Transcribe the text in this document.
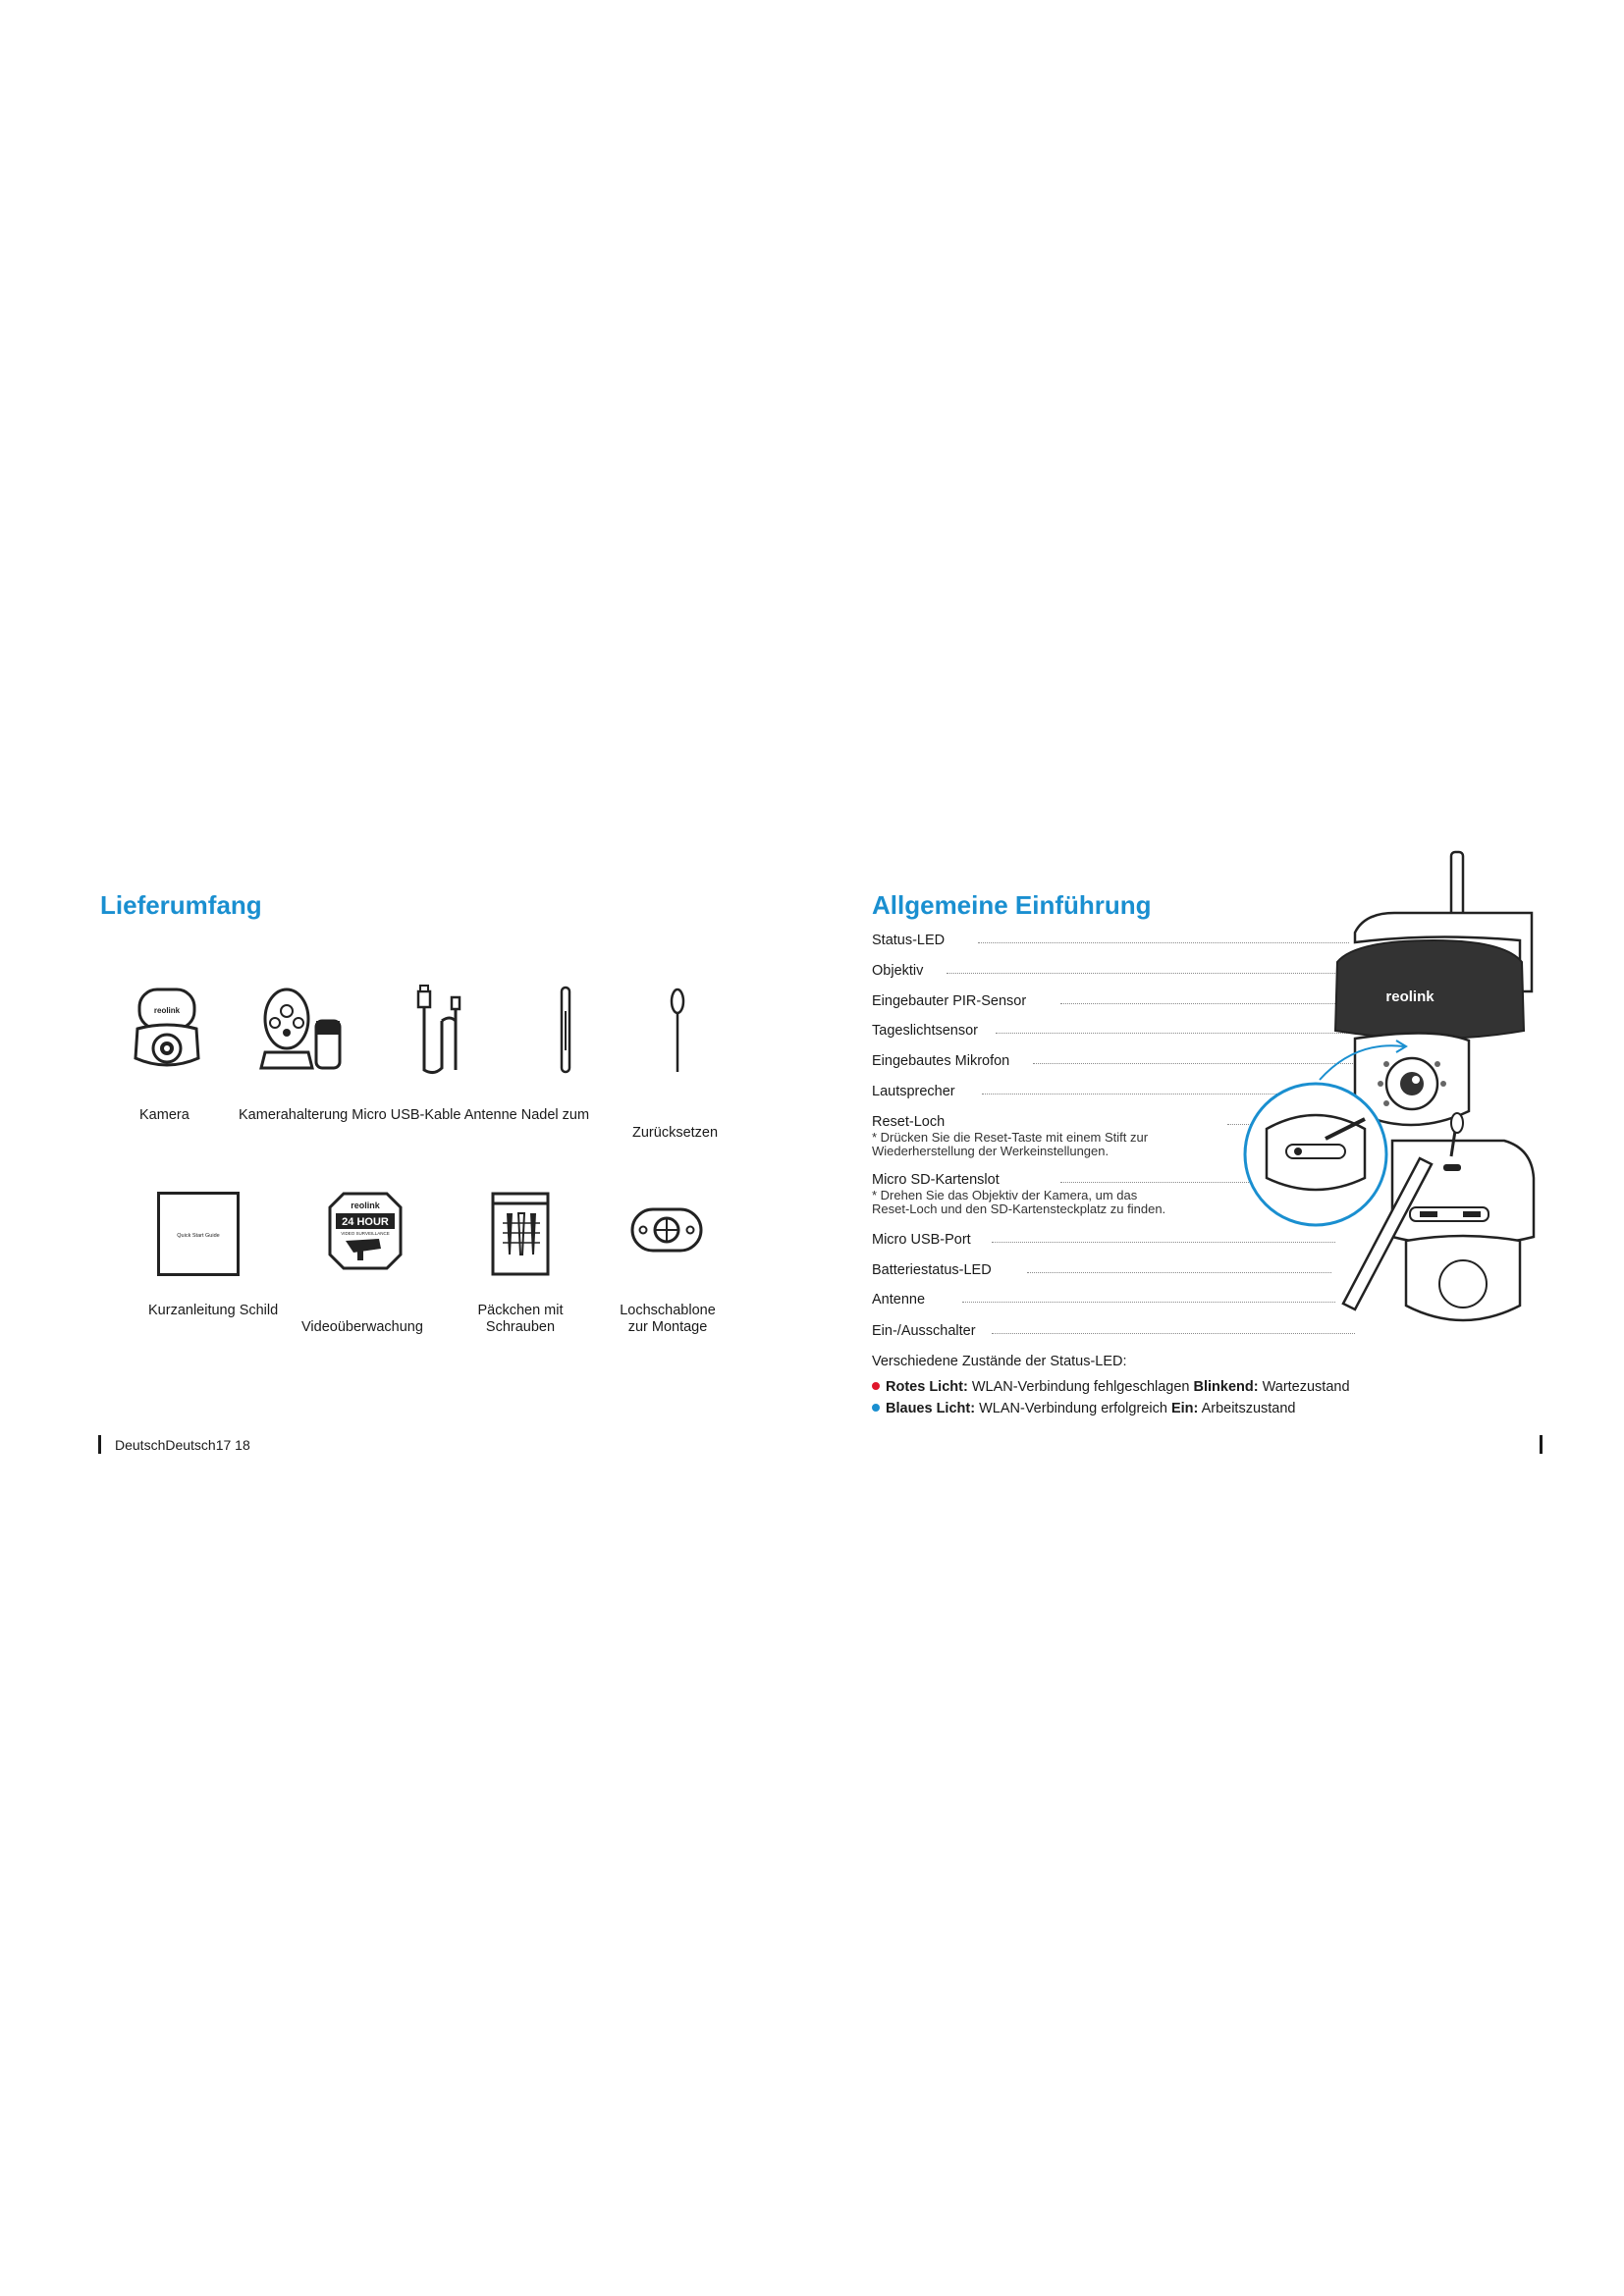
Lieferumfang
reolink
Kamera	Kamerahalterung Micro USB-Kable Antenne Nadel zum
Zurücksetzen
Quick Start Guide
reolink
24 HOUR
VIDEO SURVEILLANCE
Kurzanleitung Schild
Videoüberwachung
Päckchen mit
Schrauben
Lochschablone
zur Montage
DeutschDeutsch17 18
Allgemeine Einführung
Status-LED
Objektiv
Eingebauter PIR-Sensor
Tageslichtsensor
Eingebautes Mikrofon
Lautsprecher
Reset-Loch
* Drücken Sie die Reset-Taste mit einem Stift zur
Wiederherstellung der Werkeinstellungen.
Micro SD-Kartenslot
* Drehen Sie das Objektiv der Kamera, um das
Reset-Loch und den SD-Kartensteckplatz zu finden.
Micro USB-Port
Batteriestatus-LED
Antenne
Ein-/Ausschalter
reolink
Verschiedene Zustände der Status-LED:
Rotes Licht: WLAN-Verbindung fehlgeschlagen Blinkend: Wartezustand
Blaues Licht: WLAN-Verbindung erfolgreich Ein: Arbeitszustand
